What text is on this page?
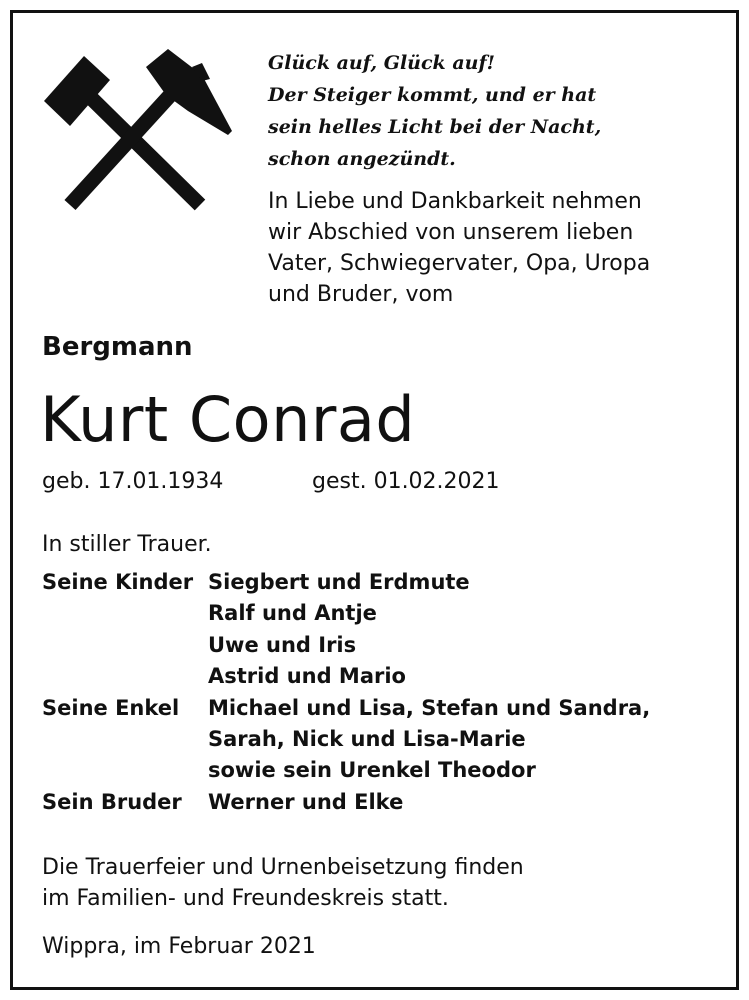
Glück auf, Glück auf!
Der Steiger kommt, und er hat
sein helles Licht bei der Nacht,
schon angezündt.
In Liebe und Dankbarkeit nehmen
wir Abschied von unserem lieben
Vater, Schwiegervater, Opa, Uropa
und Bruder, vom
Bergmann
Kurt Conrad
geb. 17.01.1934	gest. 01.02.2021
In stiller Trauer.
Seine Kinder Siegbert und Erdmute
Ralf und Antje
Uwe und Iris
Astrid und Mario
Seine Enkel	Michael und Lisa, Stefan und Sandra,
Sarah, Nick und Lisa-Marie
sowie sein Urenkel Theodor
Sein Bruder	Werner und Elke
Die Trauerfeier und Urnenbeisetzung finden
im Familien- und Freundeskreis statt.
Wippra, im Februar 2021
